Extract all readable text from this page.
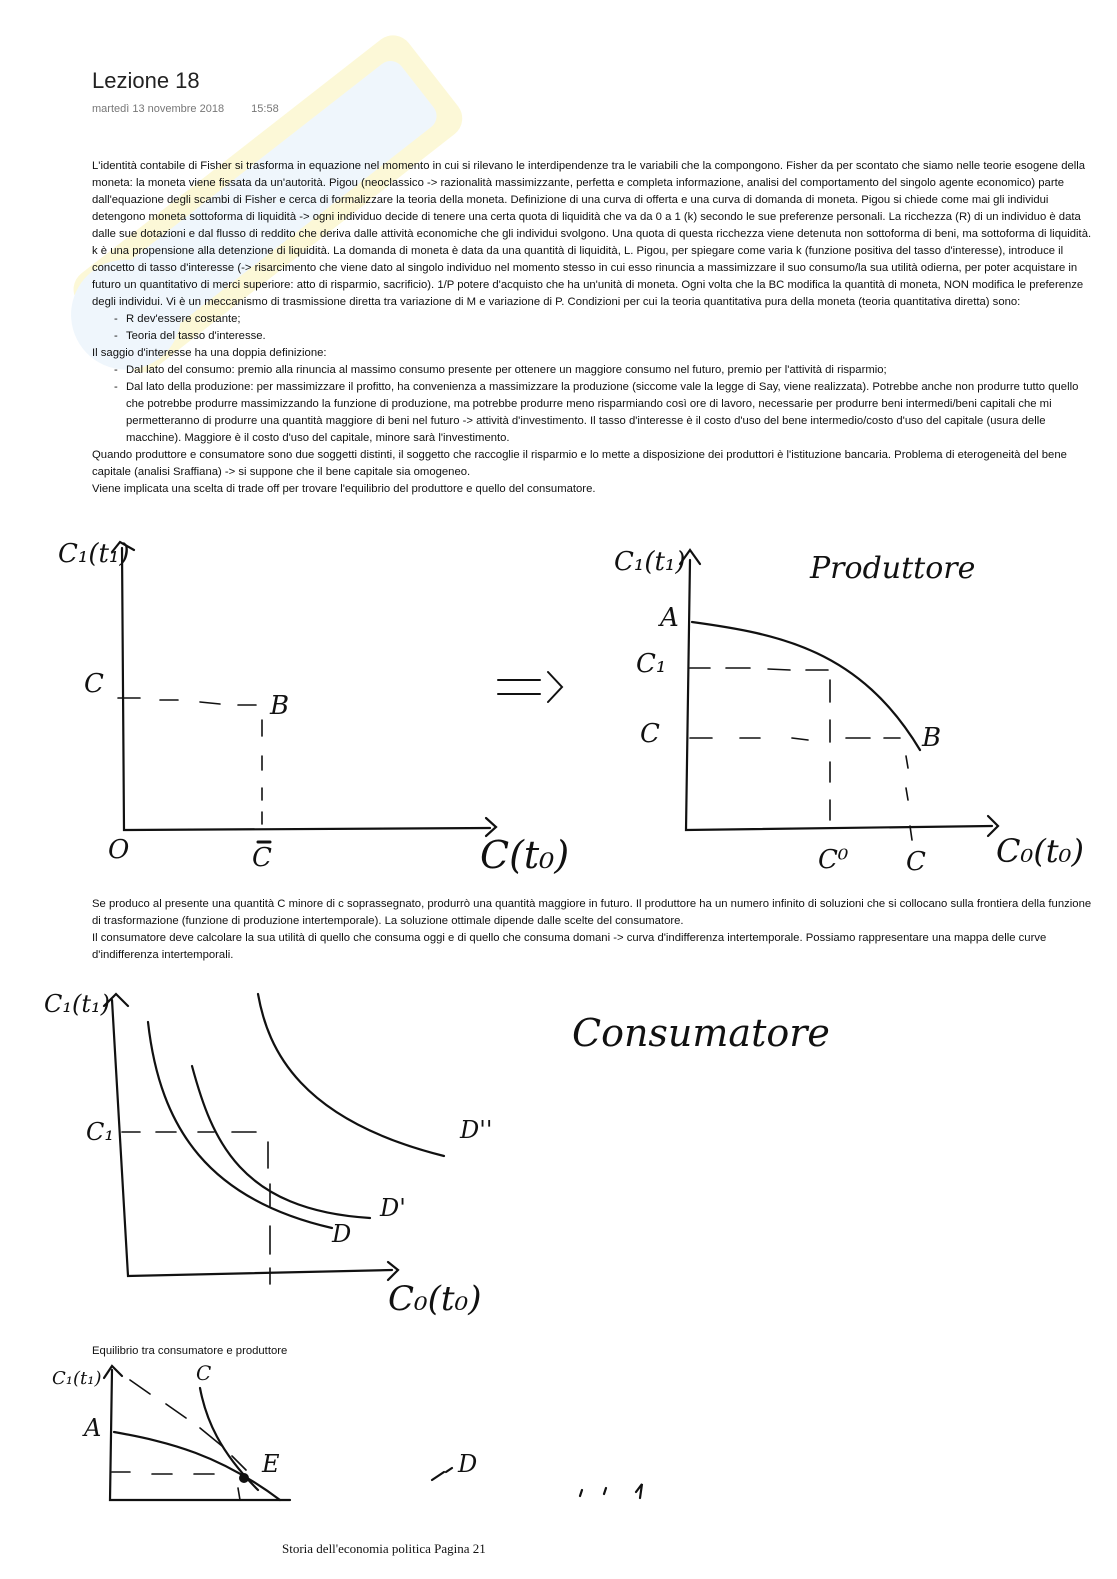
Lezione 18
martedì 13 novembre 2018 15:58

L'identità contabile di Fisher si trasforma in equazione nel momento in cui si rilevano le interdipendenze tra le variabili che la compongono. Fisher da per scontato che siamo nelle teorie esogene della moneta: la moneta viene fissata da un'autorità. Pigou (neoclassico -> razionalità massimizzante, perfetta e completa informazione, analisi del comportamento del singolo agente economico) parte dall'equazione degli scambi di Fisher e cerca di formalizzare la teoria della moneta. Definizione di una curva di offerta e una curva di domanda di moneta. Pigou si chiede come mai gli individui detengono moneta sottoforma di liquidità -> ogni individuo decide di tenere una certa quota di liquidità che va da 0 a 1 (k) secondo le sue preferenze personali. La ricchezza (R) di un individuo è data dalle sue dotazioni e dal flusso di reddito che deriva dalle attività economiche che gli individui svolgono. Una quota di questa ricchezza viene detenuta non sottoforma di beni, ma sottoforma di liquidità. k è una propensione alla detenzione di liquidità. La domanda di moneta è data da una quantità di liquidità, L. Pigou, per spiegare come varia k (funzione positiva del tasso d'interesse), introduce il concetto di tasso d'interesse (-> risarcimento che viene dato al singolo individuo nel momento stesso in cui esso rinuncia a massimizzare il suo consumo/la sua utilità odierna, per poter acquistare in futuro un quantitativo di merci superiore: atto di risparmio, sacrificio). 1/P potere d'acquisto che ha un'unità di moneta. Ogni volta che la BC modifica la quantità di moneta, NON modifica le preferenze degli individui. Vi è un meccanismo di trasmissione diretta tra variazione di M e variazione di P. Condizioni per cui la teoria quantitativa pura della moneta (teoria quantitativa diretta) sono:

- R dev'essere costante;
- Teoria del tasso d'interesse.

Il saggio d'interesse ha una doppia definizione:

- Dal lato del consumo: premio alla rinuncia al massimo consumo presente per ottenere un maggiore consumo nel futuro, premio per l'attività di risparmio;
- Dal lato della produzione: per massimizzare il profitto, ha convenienza a massimizzare la produzione (siccome vale la legge di Say, viene realizzata). Potrebbe anche non produrre tutto quello che potrebbe produrre massimizzando la funzione di produzione, ma potrebbe produrre meno risparmiando così ore di lavoro, necessarie per produrre beni intermedi/beni capitali che mi permetteranno di produrre una quantità maggiore di beni nel futuro -> attività d'investimento. Il tasso d'interesse è il costo d'uso del bene intermedio/costo d'uso del capitale (usura delle macchine). Maggiore è il costo d'uso del capitale, minore sarà l'investimento.

Quando produttore e consumatore sono due soggetti distinti, il soggetto che raccoglie il risparmio e lo mette a disposizione dei produttori è l'istituzione bancaria. Problema di eterogeneità del bene capitale (analisi Sraffiana) -> si suppone che il bene capitale sia omogeneo.

Viene implicata una scelta di trade off per trovare l'equilibrio del produttore e quello del consumatore.

C₁(t₁)
C
B
O	C	C(t₀)
C₁(t₁)	Produttore
A
C₁
C	B
C⁰ C C₀(t₀)

Se produco al presente una quantità C minore di c soprassegnato, produrrò una quantità maggiore in futuro. Il produttore ha un numero infinito di soluzioni che si collocano sulla frontiera della funzione di trasformazione (funzione di produzione intertemporale). La soluzione ottimale dipende dalle scelte del consumatore.

Il consumatore deve calcolare la sua utilità di quello che consuma oggi e di quello che consuma domani -> curva d'indifferenza intertemporale. Possiamo rappresentare una mappa delle curve d'indifferenza intertemporali.

C₁(t₁)
C₁
D
D'
D''
C₀(t₀)
Consumatore
Equilibrio tra consumatore e produttore
C₁(t₁)
A
C
E	D
Storia dell'economia politica Pagina 21
